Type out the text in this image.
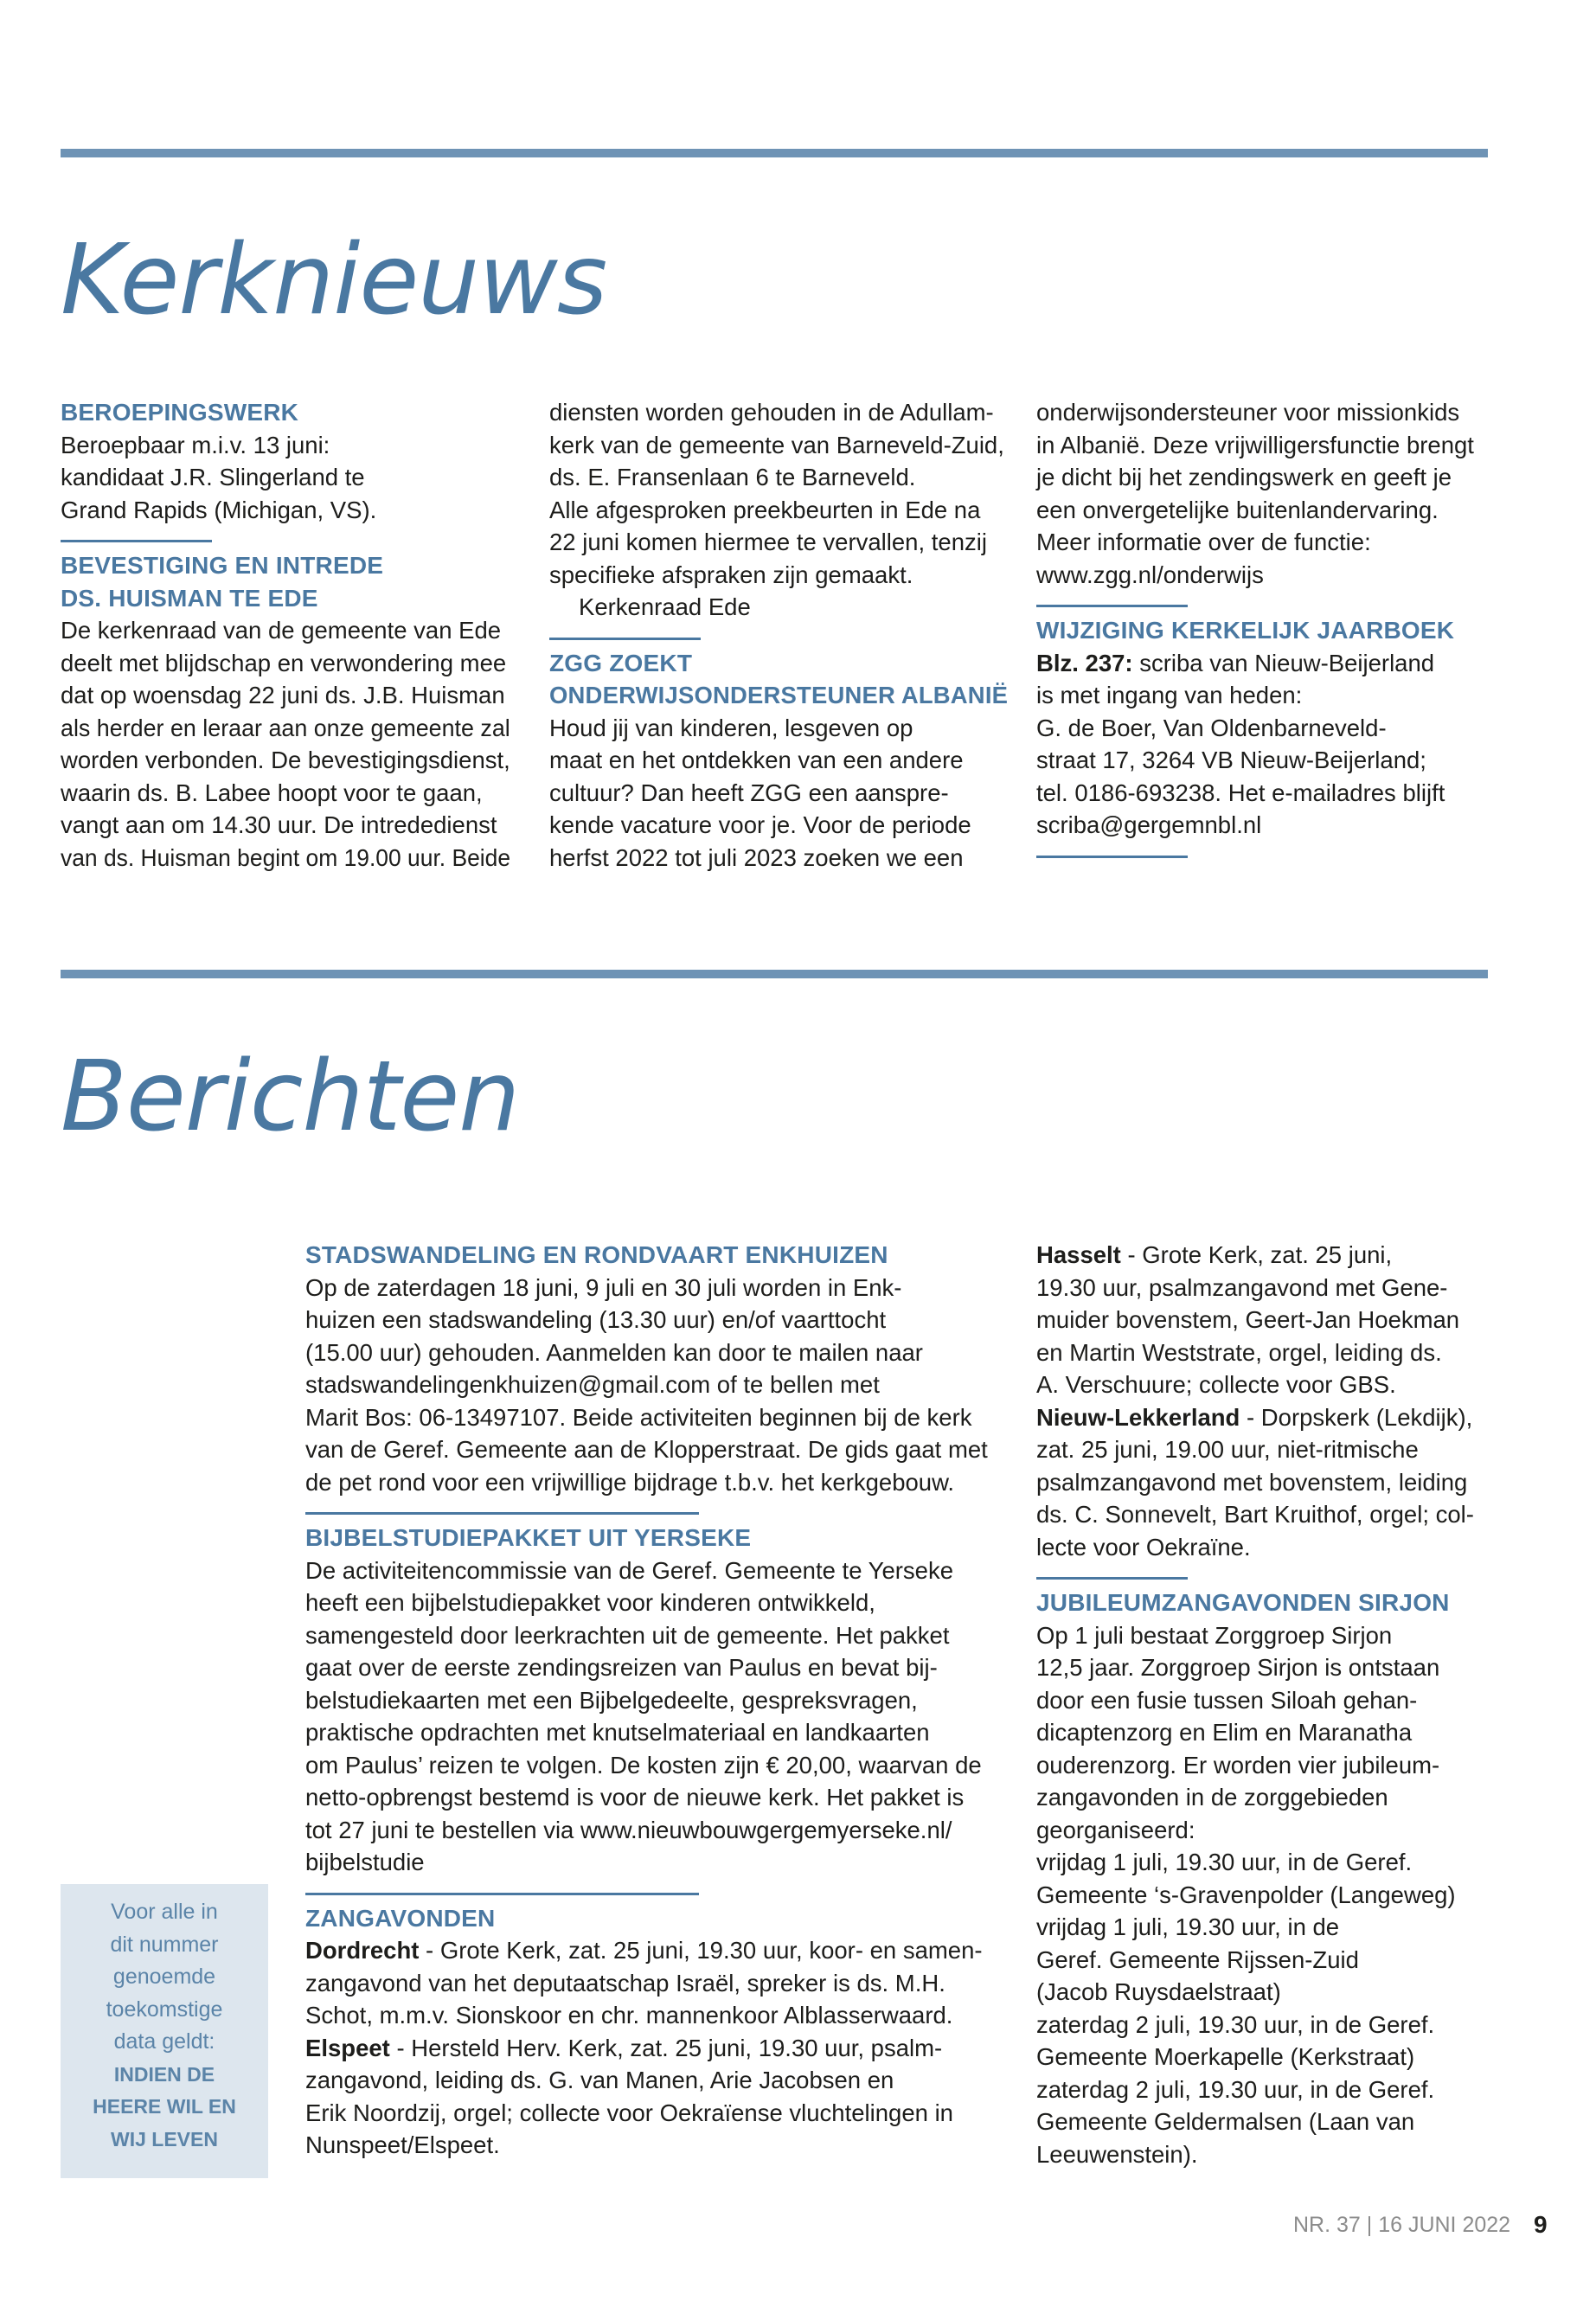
Kerknieuws

BEROEPINGSWERK

Beroepbaar m.i.v. 13 juni:

kandidaat J.R. Slingerland te

Grand Rapids (Michigan, VS).

BEVESTIGING EN INTREDE

DS. HUISMAN TE EDE

De kerkenraad van de gemeente van Ede

deelt met blijdschap en verwondering mee

dat op woensdag 22 juni ds. J.B. Huisman

als herder en leraar aan onze gemeente zal

worden verbonden. De bevestigingsdienst,

waarin ds. B. Labee hoopt voor te gaan,

vangt aan om 14.30 uur. De intrededienst

van ds. Huisman begint om 19.00 uur. Beide

diensten worden gehouden in de Adullam-

kerk van de gemeente van Barneveld-Zuid,

ds. E. Fransenlaan 6 te Barneveld.

Alle afgesproken preekbeurten in Ede na

22 juni komen hiermee te vervallen, tenzij

specifieke afspraken zijn gemaakt.

Kerkenraad Ede

ZGG ZOEKT

ONDERWIJSONDERSTEUNER ALBANIË

Houd jij van kinderen, lesgeven op

maat en het ontdekken van een andere

cultuur? Dan heeft ZGG een aanspre-

kende vacature voor je. Voor de periode

herfst 2022 tot juli 2023 zoeken we een

onderwijsondersteuner voor missionkids

in Albanië. Deze vrijwilligersfunctie brengt

je dicht bij het zendingswerk en geeft je

een onvergetelijke buitenlandervaring.

Meer informatie over de functie:

www.zgg.nl/onderwijs

WIJZIGING KERKELIJK JAARBOEK

Blz. 237: scriba van Nieuw-Beijerland

is met ingang van heden:

G. de Boer, Van Oldenbarneveld-

straat 17, 3264 VB Nieuw-Beijerland;

tel. 0186-693238. Het e-mailadres blijft

scriba@gergemnbl.nl

Berichten

STADSWANDELING EN RONDVAART ENKHUIZEN

Op de zaterdagen 18 juni, 9 juli en 30 juli worden in Enk-

huizen een stadswandeling (13.30 uur) en/of vaarttocht

(15.00 uur) gehouden. Aanmelden kan door te mailen naar

stadswandelingenkhuizen@gmail.com of te bellen met

Marit Bos: 06-13497107. Beide activiteiten beginnen bij de kerk

van de Geref. Gemeente aan de Klopperstraat. De gids gaat met

de pet rond voor een vrijwillige bijdrage t.b.v. het kerkgebouw.

BIJBELSTUDIEPAKKET UIT YERSEKE

De activiteitencommissie van de Geref. Gemeente te Yerseke

heeft een bijbelstudiepakket voor kinderen ontwikkeld,

samengesteld door leerkrachten uit de gemeente. Het pakket

gaat over de eerste zendingsreizen van Paulus en bevat bij-

belstudiekaarten met een Bijbelgedeelte, gespreksvragen,

praktische opdrachten met knutselmateriaal en landkaarten

om Paulus’ reizen te volgen. De kosten zijn € 20,00, waarvan de

netto-opbrengst bestemd is voor de nieuwe kerk. Het pakket is

tot 27 juni te bestellen via www.nieuwbouwgergemyerseke.nl/

bijbelstudie

ZANGAVONDEN

Dordrecht - Grote Kerk, zat. 25 juni, 19.30 uur, koor- en samen-

zangavond van het deputaatschap Israël, spreker is ds. M.H.

Schot, m.m.v. Sionskoor en chr. mannenkoor Alblasserwaard.

Elspeet - Hersteld Herv. Kerk, zat. 25 juni, 19.30 uur, psalm-

zangavond, leiding ds. G. van Manen, Arie Jacobsen en

Erik Noordzij, orgel; collecte voor Oekraïense vluchtelingen in

Nunspeet/Elspeet.

Hasselt - Grote Kerk, zat. 25 juni,

19.30 uur, psalmzangavond met Gene-

muider bovenstem, Geert-Jan Hoekman

en Martin Weststrate, orgel, leiding ds.

A. Verschuure; collecte voor GBS.

Nieuw-Lekkerland - Dorpskerk (Lekdijk),

zat. 25 juni, 19.00 uur, niet-ritmische

psalmzangavond met bovenstem, leiding

ds. C. Sonnevelt, Bart Kruithof, orgel; col-

lecte voor Oekraïne.

JUBILEUMZANGAVONDEN SIRJON

Op 1 juli bestaat Zorggroep Sirjon

12,5 jaar. Zorggroep Sirjon is ontstaan

door een fusie tussen Siloah gehan-

dicaptenzorg en Elim en Maranatha

ouderenzorg. Er worden vier jubileum-

zangavonden in de zorggebieden

georganiseerd:

vrijdag 1 juli, 19.30 uur, in de Geref.

Gemeente ‘s-Gravenpolder (Langeweg)

vrijdag 1 juli, 19.30 uur, in de

Geref. Gemeente Rijssen-Zuid

(Jacob Ruysdaelstraat)

zaterdag 2 juli, 19.30 uur, in de Geref.

Gemeente Moerkapelle (Kerkstraat)

zaterdag 2 juli, 19.30 uur, in de Geref.

Gemeente Geldermalsen (Laan van

Leeuwenstein).

Voor alle in
dit nummer
genoemde
toekomstige
data geldt:
INDIEN DE
HEERE WIL EN
WIJ LEVEN
NR. 37 | 16 JUNI 2022 9
